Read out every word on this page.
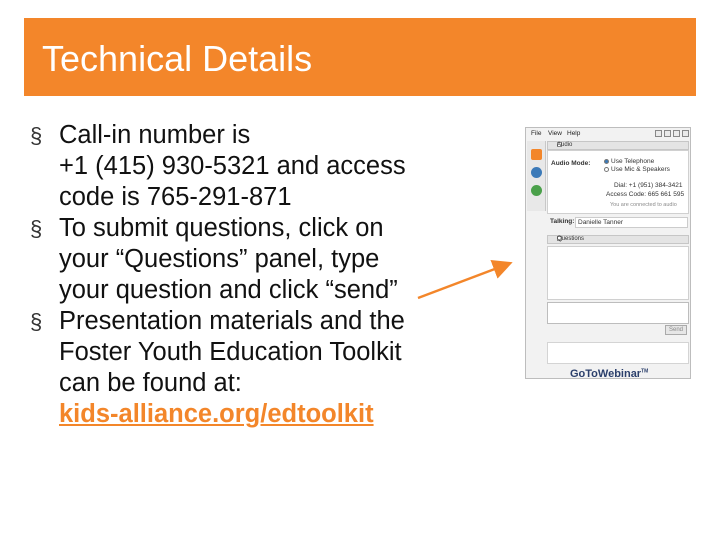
Technical Details
§ Call-in number is
+1 (415) 930-5321 and access
code is 765-291-871
§ To submit questions, click on
your “Questions” panel, type
your question and click “send”
§ Presentation materials and the
Foster Youth Education Toolkit
can be found at:
kids-alliance.org/edtoolkit
File View Help
Audio
Audio Mode:	Use Telephone
Use Mic & Speakers
Dial: +1 (951) 384-3421
Access Code: 665 661 595
You are connected to audio
Talking: Danielle Tanner
Questions
Send
GoToWebinar™
